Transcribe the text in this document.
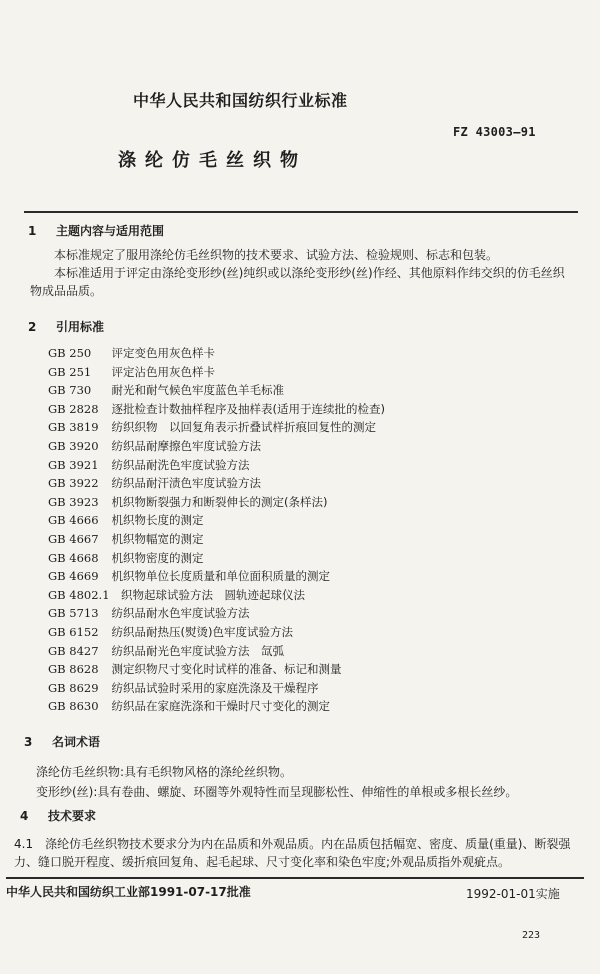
中华人民共和国纺织行业标准
FZ 43003—91
涤纶仿毛丝织物
1 主题内容与适用范围
本标准规定了服用涤纶仿毛丝织物的技术要求、试验方法、检验规则、标志和包装。
本标准适用于评定由涤纶变形纱(丝)纯织或以涤纶变形纱(丝)作经、其他原料作纬交织的仿毛丝织物成品品质。
2 引用标准
GB 250　 评定变色用灰色样卡
GB 251　 评定沾色用灰色样卡
GB 730　 耐光和耐气候色牢度蓝色羊毛标准
GB 2828　 逐批检查计数抽样程序及抽样表(适用于连续批的检查)
GB 3819　 纺织织物　以回复角表示折叠试样折痕回复性的测定
GB 3920　 纺织品耐摩擦色牢度试验方法
GB 3921　 纺织品耐洗色牢度试验方法
GB 3922　 纺织品耐汗渍色牢度试验方法
GB 3923　 机织物断裂强力和断裂伸长的测定(条样法)
GB 4666　 机织物长度的测定
GB 4667　 机织物幅宽的测定
GB 4668　 机织物密度的测定
GB 4669　 机织物单位长度质量和单位面积质量的测定
GB 4802.1　 织物起球试验方法　圆轨迹起球仪法
GB 5713　 纺织品耐水色牢度试验方法
GB 6152　 纺织品耐热压(熨烫)色牢度试验方法
GB 8427　 纺织品耐光色牢度试验方法　氙弧
GB 8628　 测定织物尺寸变化时试样的准备、标记和测量
GB 8629　 纺织品试验时采用的家庭洗涤及干燥程序
GB 8630　 纺织品在家庭洗涤和干燥时尺寸变化的测定
3 名词术语
涤纶仿毛丝织物:具有毛织物风格的涤纶丝织物。
变形纱(丝):具有卷曲、螺旋、环圈等外观特性而呈现膨松性、伸缩性的单根或多根长丝纱。
4 技术要求
4.1　涤纶仿毛丝织物技术要求分为内在品质和外观品质。内在品质包括幅宽、密度、质量(重量)、断裂强力、缝口脱开程度、缓折痕回复角、起毛起球、尺寸变化率和染色牢度;外观品质指外观疵点。
中华人民共和国纺织工业部1991-07-17批准	1992-01-01实施
223
